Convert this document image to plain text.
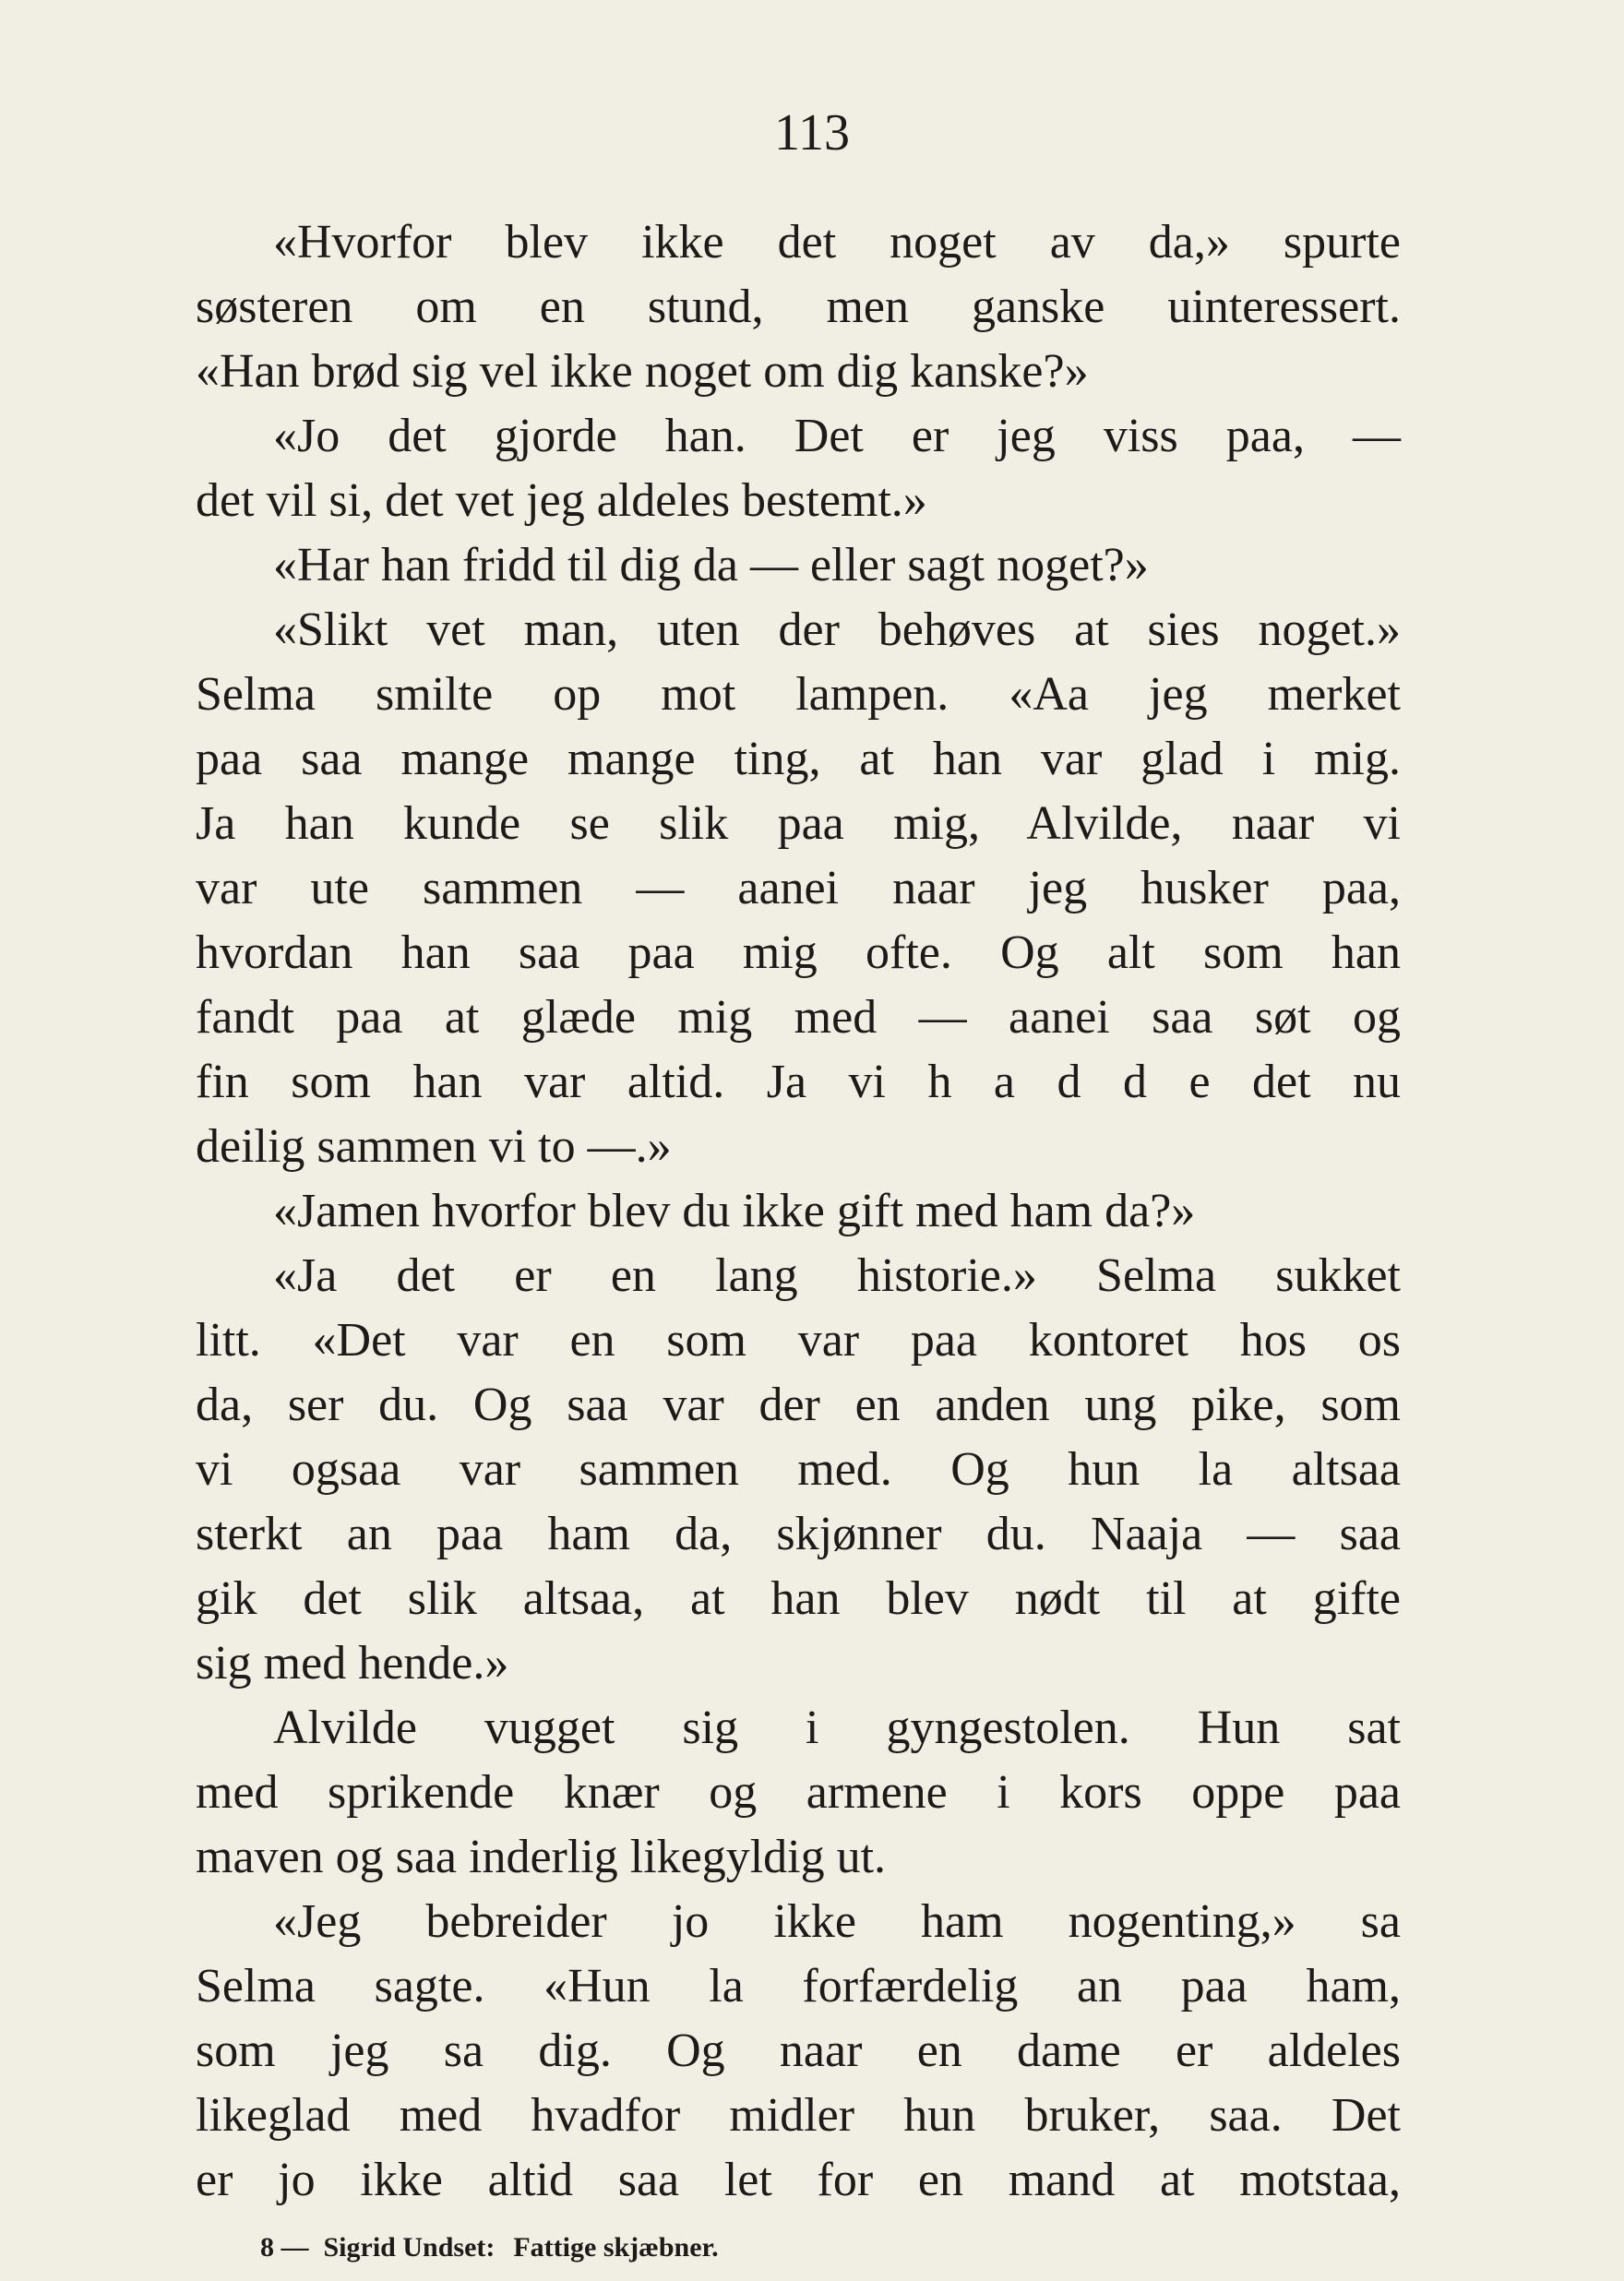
113
«Hvorfor blev ikke det noget av da,» spurte
søsteren om en stund, men ganske uinteressert.
«Han brød sig vel ikke noget om dig kanske?»
«Jo det gjorde han. Det er jeg viss paa, —
det vil si, det vet jeg aldeles bestemt.»
«Har han fridd til dig da — eller sagt noget?»
«Slikt vet man, uten der behøves at sies noget.»
Selma smilte op mot lampen. «Aa jeg merket
paa saa mange mange ting, at han var glad i mig.
Ja han kunde se slik paa mig, Alvilde, naar vi
var ute sammen — aanei naar jeg husker paa,
hvordan han saa paa mig ofte. Og alt som han
fandt paa at glæde mig med — aanei saa søt og
fin som han var altid. Ja vi h a d d e det nu
deilig sammen vi to —.»
«Jamen hvorfor blev du ikke gift med ham da?»
«Ja det er en lang historie.» Selma sukket
litt. «Det var en som var paa kontoret hos os
da, ser du. Og saa var der en anden ung pike, som
vi ogsaa var sammen med. Og hun la altsaa
sterkt an paa ham da, skjønner du. Naaja — saa
gik det slik altsaa, at han blev nødt til at gifte
sig med hende.»
Alvilde vugget sig i gyngestolen. Hun sat
med sprikende knær og armene i kors oppe paa
maven og saa inderlig likegyldig ut.
«Jeg bebreider jo ikke ham nogenting,» sa
Selma sagte. «Hun la forfærdelig an paa ham,
som jeg sa dig. Og naar en dame er aldeles
likeglad med hvadfor midler hun bruker, saa. Det
er jo ikke altid saa let for en mand at motstaa,
8 — Sigrid Undset: Fattige skjæbner.
